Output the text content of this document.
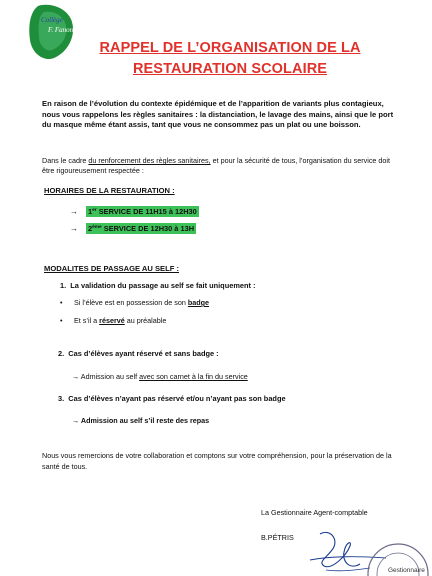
Collège
F. Fanon
RAPPEL DE L’ORGANISATION DE LA
RESTAURATION SCOLAIRE
En raison de l’évolution du contexte épidémique et de l’apparition de variants plus contagieux, nous vous rappelons les règles sanitaires : la distanciation, le lavage des mains, ainsi que le port du masque même étant assis, tant que vous ne consommez pas un plat ou une boisson.
Dans le cadre du renforcement des règles sanitaires, et pour la sécurité de tous, l’organisation du service doit être rigoureusement respectée :
HORAIRES DE LA RESTAURATION :
→ 1er SERVICE DE 11H15 à 12H30
→ 2ème SERVICE DE 12H30 à 13H
MODALITES DE PASSAGE AU SELF :
1. La validation du passage au self se fait uniquement :
• Si l’élève est en possession de son badge
• Et s’il a réservé au préalable
2. Cas d’élèves ayant réservé et sans badge :
→ Admission au self avec son carnet à la fin du service
3. Cas d’élèves n’ayant pas réservé et/ou n’ayant pas son badge
→ Admission au self s’il reste des repas
Nous vous remercions de votre collaboration et comptons sur votre compréhension, pour la préservation de la santé de tous.
La Gestionnaire Agent-comptable
B.PÉTRIS
Gestionnaire
